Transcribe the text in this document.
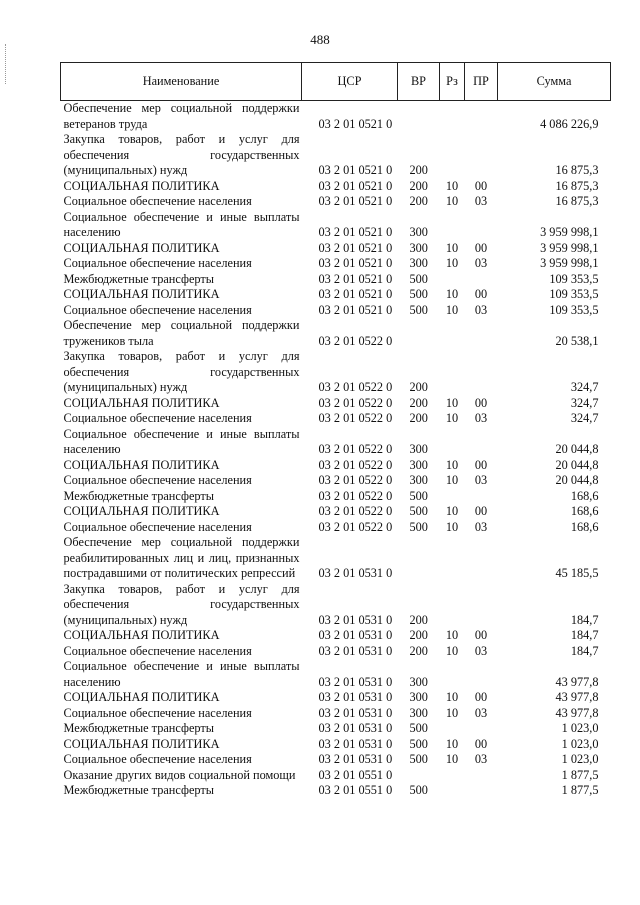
488
Наименование	ЦСР	ВР	Рз	ПР	Сумма

Обеспечение мер социальной поддержки ветеранов труда	03 2 01 0521 0				4 086 226,9

Закупка товаров, работ и услуг для обеспечения государственных (муниципальных) нужд	03 2 01 0521 0	200			16 875,3

СОЦИАЛЬНАЯ ПОЛИТИКА	03 2 01 0521 0	200	10	00	16 875,3

Социальное обеспечение населения	03 2 01 0521 0	200	10	03	16 875,3

Социальное обеспечение и иные выплаты населению	03 2 01 0521 0	300			3 959 998,1

СОЦИАЛЬНАЯ ПОЛИТИКА	03 2 01 0521 0	300	10	00	3 959 998,1

Социальное обеспечение населения	03 2 01 0521 0	300	10	03	3 959 998,1

Межбюджетные трансферты	03 2 01 0521 0	500			109 353,5

СОЦИАЛЬНАЯ ПОЛИТИКА	03 2 01 0521 0	500	10	00	109 353,5

Социальное обеспечение населения	03 2 01 0521 0	500	10	03	109 353,5

Обеспечение мер социальной поддержки тружеников тыла	03 2 01 0522 0				20 538,1

Закупка товаров, работ и услуг для обеспечения государственных (муниципальных) нужд	03 2 01 0522 0	200			324,7

СОЦИАЛЬНАЯ ПОЛИТИКА	03 2 01 0522 0	200	10	00	324,7

Социальное обеспечение населения	03 2 01 0522 0	200	10	03	324,7

Социальное обеспечение и иные выплаты населению	03 2 01 0522 0	300			20 044,8

СОЦИАЛЬНАЯ ПОЛИТИКА	03 2 01 0522 0	300	10	00	20 044,8

Социальное обеспечение населения	03 2 01 0522 0	300	10	03	20 044,8

Межбюджетные трансферты	03 2 01 0522 0	500			168,6

СОЦИАЛЬНАЯ ПОЛИТИКА	03 2 01 0522 0	500	10	00	168,6

Социальное обеспечение населения	03 2 01 0522 0	500	10	03	168,6

Обеспечение мер социальной поддержки реабилитированных лиц и лиц, признанных пострадавшими от политических репрессий	03 2 01 0531 0				45 185,5

Закупка товаров, работ и услуг для обеспечения государственных (муниципальных) нужд	03 2 01 0531 0	200			184,7

СОЦИАЛЬНАЯ ПОЛИТИКА	03 2 01 0531 0	200	10	00	184,7

Социальное обеспечение населения	03 2 01 0531 0	200	10	03	184,7

Социальное обеспечение и иные выплаты населению	03 2 01 0531 0	300			43 977,8

СОЦИАЛЬНАЯ ПОЛИТИКА	03 2 01 0531 0	300	10	00	43 977,8

Социальное обеспечение населения	03 2 01 0531 0	300	10	03	43 977,8

Межбюджетные трансферты	03 2 01 0531 0	500			1 023,0

СОЦИАЛЬНАЯ ПОЛИТИКА	03 2 01 0531 0	500	10	00	1 023,0

Социальное обеспечение населения	03 2 01 0531 0	500	10	03	1 023,0

Оказание других видов социальной помощи	03 2 01 0551 0				1 877,5

Межбюджетные трансферты	03 2 01 0551 0	500			1 877,5
